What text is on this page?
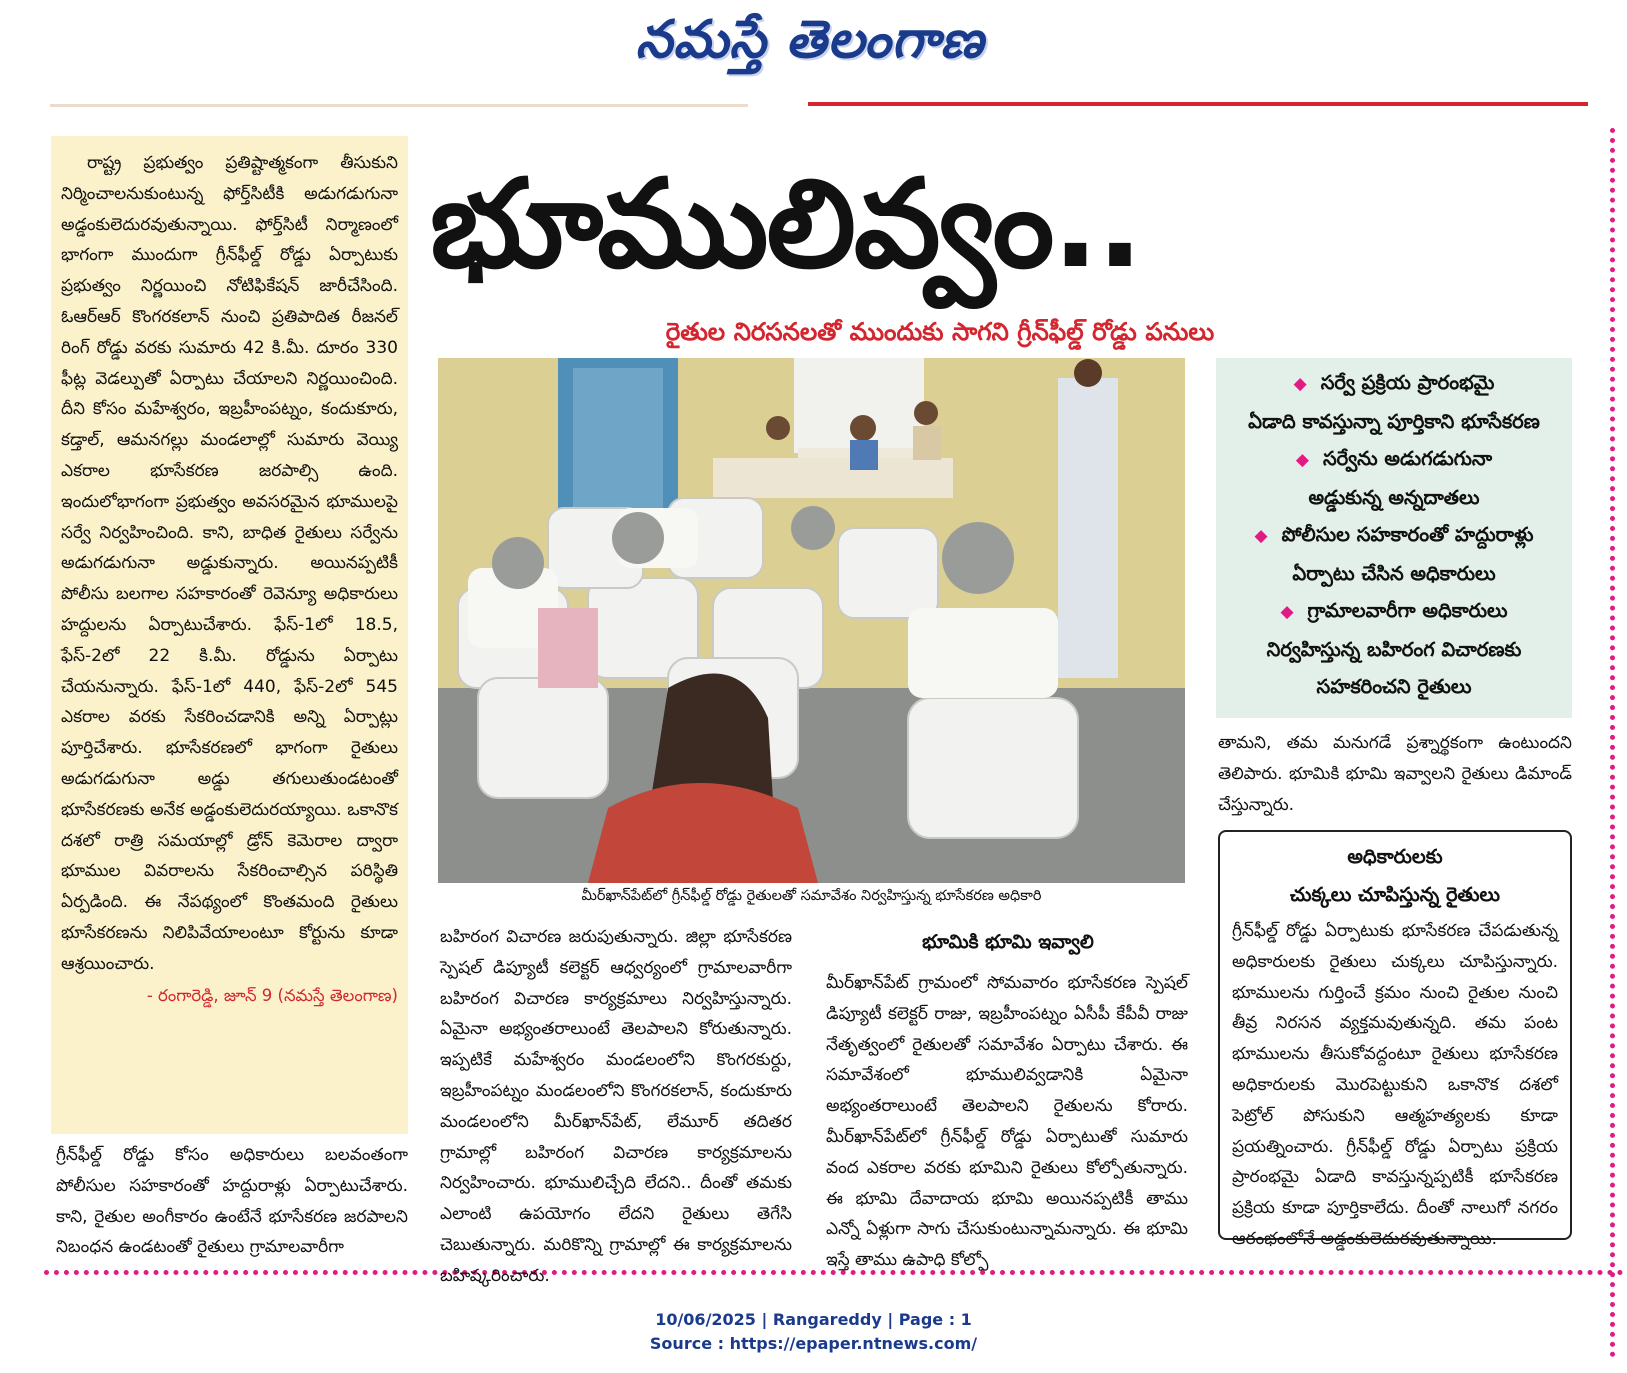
నమస్తే తెలంగాణ

రాష్ట్ర ప్రభుత్వం ప్రతిష్టాత్మకంగా తీసుకుని నిర్మించాలనుకుంటున్న ఫోర్త్‌సిటీకి అడుగడుగునా అడ్డంకులెదురవుతున్నాయి. ఫోర్త్‌సిటీ నిర్మాణంలో భాగంగా ముందుగా గ్రీన్‌ఫీల్డ్ రోడ్డు ఏర్పాటుకు ప్రభుత్వం నిర్ణయించి నోటిఫికేషన్ జారీచేసింది. ఓఆర్ఆర్ కొంగరకలాన్ నుంచి ప్రతిపాదిత రీజనల్ రింగ్ రోడ్డు వరకు సుమారు 42 కి.మీ. దూరం 330 ఫీట్ల వెడల్పుతో ఏర్పాటు చేయాలని నిర్ణయించింది. దీని కోసం మహేశ్వరం, ఇబ్రహీంపట్నం, కందుకూరు, కడ్తాల్, ఆమనగల్లు మండలాల్లో సుమారు వెయ్యి ఎకరాల భూసేకరణ జరపాల్సి ఉంది. ఇందులోభాగంగా ప్రభుత్వం అవసరమైన భూములపై సర్వే నిర్వహించింది. కాని, బాధిత రైతులు సర్వేను అడుగడుగునా అడ్డుకున్నారు. అయినప్పటికీ పోలీసు బలగాల సహకారంతో రెవెన్యూ అధికారులు హద్దులను ఏర్పాటుచేశారు. ఫేస్-1లో 18.5, ఫేస్-2లో 22 కి.మీ. రోడ్డును ఏర్పాటు చేయనున్నారు. ఫేస్-1లో 440, ఫేస్-2లో 545 ఎకరాల వరకు సేకరించడానికి అన్ని ఏర్పాట్లు పూర్తిచేశారు. భూసేకరణలో భాగంగా రైతులు అడుగడుగునా అడ్డు తగులుతుండటంతో భూసేకరణకు అనేక అడ్డంకులెదురయ్యాయి. ఒకానొక దశలో రాత్రి సమయాల్లో డ్రోన్ కెమెరాల ద్వారా భూముల వివరాలను సేకరించాల్సిన పరిస్థితి ఏర్పడింది. ఈ నేపథ్యంలో కొంతమంది రైతులు భూసేకరణను నిలిపివేయాలంటూ కోర్టును కూడా ఆశ్రయించారు.

- రంగారెడ్డి, జూన్ 9 (నమస్తే తెలంగాణ)
గ్రీన్‌ఫీల్డ్ రోడ్డు కోసం అధికారులు బలవంతంగా పోలీసుల సహకారంతో హద్దురాళ్లు ఏర్పాటుచేశారు. కాని, రైతుల అంగీకారం ఉంటేనే భూసేకరణ జరపాలని నిబంధన ఉండటంతో రైతులు గ్రామాలవారీగా
భూములివ్వం..
రైతుల నిరసనలతో ముందుకు సాగని గ్రీన్‌ఫీల్డ్ రోడ్డు పనులు
మీర్‌ఖాన్‌పేట్‌లో గ్రీన్‌ఫీల్డ్ రోడ్డు రైతులతో సమావేశం నిర్వహిస్తున్న భూసేకరణ అధికారి
◆ సర్వే ప్రక్రియ ప్రారంభమై
ఏడాది కావస్తున్నా పూర్తికాని భూసేకరణ
◆ సర్వేను అడుగడుగునా
అడ్డుకున్న అన్నదాతలు
◆ పోలీసుల సహకారంతో హద్దురాళ్లు
ఏర్పాటు చేసిన అధికారులు
◆ గ్రామాలవారీగా అధికారులు
నిర్వహిస్తున్న బహిరంగ విచారణకు
సహకరించని రైతులు
తామని, తమ మనుగడే ప్రశ్నార్థకంగా ఉంటుందని తెలిపారు. భూమికి భూమి ఇవ్వాలని రైతులు డిమాండ్ చేస్తున్నారు.
అధికారులకు
చుక్కలు చూపిస్తున్న రైతులు
గ్రీన్‌ఫీల్డ్ రోడ్డు ఏర్పాటుకు భూసేకరణ చేపడుతున్న అధికారులకు రైతులు చుక్కలు చూపిస్తున్నారు. భూములను గుర్తించే క్రమం నుంచి రైతుల నుంచి తీవ్ర నిరసన వ్యక్తమవుతున్నది. తమ పంట భూములను తీసుకోవద్దంటూ రైతులు భూసేకరణ అధికారులకు మొరపెట్టుకుని ఒకానొక దశలో పెట్రోల్ పోసుకుని ఆత్మహత్యలకు కూడా ప్రయత్నించారు. గ్రీన్‌ఫీల్డ్ రోడ్డు ఏర్పాటు ప్రక్రియ ప్రారంభమై ఏడాది కావస్తున్నప్పటికీ భూసేకరణ ప్రక్రియ కూడా పూర్తికాలేదు. దీంతో నాలుగో నగరం ఆరంభంలోనే అడ్డంకులెదురవుతున్నాయి.
బహిరంగ విచారణ జరుపుతున్నారు. జిల్లా భూసేకరణ స్పెషల్ డిప్యూటీ కలెక్టర్ ఆధ్వర్యంలో గ్రామాలవారీగా బహిరంగ విచారణ కార్యక్రమాలు నిర్వహిస్తున్నారు. ఏమైనా అభ్యంతరాలుంటే తెలపాలని కోరుతున్నారు. ఇప్పటికే మహేశ్వరం మండలంలోని కొంగరకుర్దు, ఇబ్రహీంపట్నం మండలంలోని కొంగరకలాన్, కందుకూరు మండలంలోని మీర్‌ఖాన్‌పేట్, లేమూర్ తదితర గ్రామాల్లో బహిరంగ విచారణ కార్యక్రమాలను నిర్వహించారు. భూములిచ్చేది లేదని.. దీంతో తమకు ఎలాంటి ఉపయోగం లేదని రైతులు తెగేసి చెబుతున్నారు. మరికొన్ని గ్రామాల్లో ఈ కార్యక్రమాలను బహిష్కరించారు.
భూమికి భూమి ఇవ్వాలి
మీర్‌ఖాన్‌పేట్ గ్రామంలో సోమవారం భూసేకరణ స్పెషల్ డిప్యూటీ కలెక్టర్ రాజు, ఇబ్రహీంపట్నం ఏసీపీ కేపీవీ రాజు నేతృత్వంలో రైతులతో సమావేశం ఏర్పాటు చేశారు. ఈ సమావేశంలో భూములివ్వడానికి ఏమైనా అభ్యంతరాలుంటే తెలపాలని రైతులను కోరారు. మీర్‌ఖాన్‌పేట్‌లో గ్రీన్‌ఫీల్డ్ రోడ్డు ఏర్పాటుతో సుమారు వంద ఎకరాల వరకు భూమిని రైతులు కోల్పోతున్నారు. ఈ భూమి దేవాదాయ భూమి అయినప్పటికీ తాము ఎన్నో ఏళ్లుగా సాగు చేసుకుంటున్నామన్నారు. ఈ భూమి ఇస్తే తాము ఉపాధి కోల్పో
10/06/2025 | Rangareddy | Page : 1
Source : https://epaper.ntnews.com/
